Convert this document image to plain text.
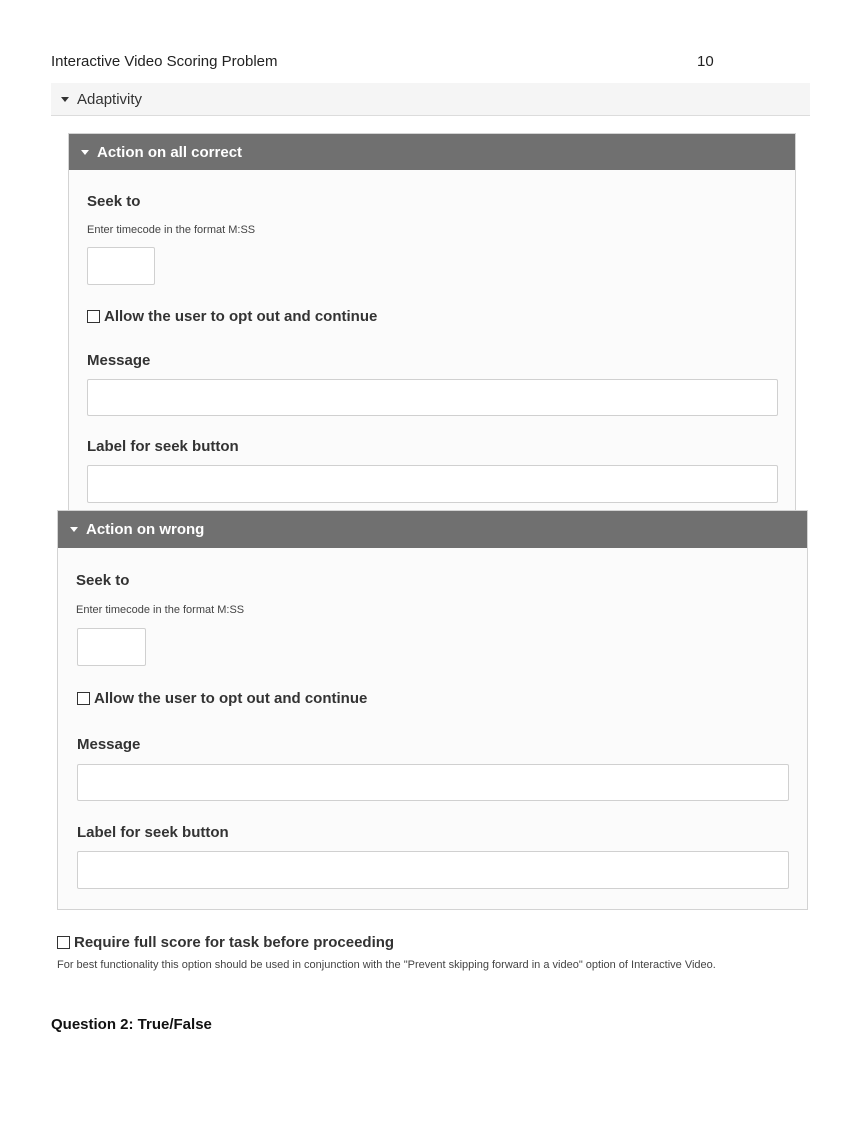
Interactive Video Scoring Problem	10
Adaptivity
Action on all correct
Seek to
Enter timecode in the format M:SS
Allow the user to opt out and continue
Message
Label for seek button
Action on wrong
Seek to
Enter timecode in the format M:SS
Allow the user to opt out and continue
Message
Label for seek button
Require full score for task before proceeding
For best functionality this option should be used in conjunction with the "Prevent skipping forward in a video" option of Interactive Video.
Question 2: True/False
